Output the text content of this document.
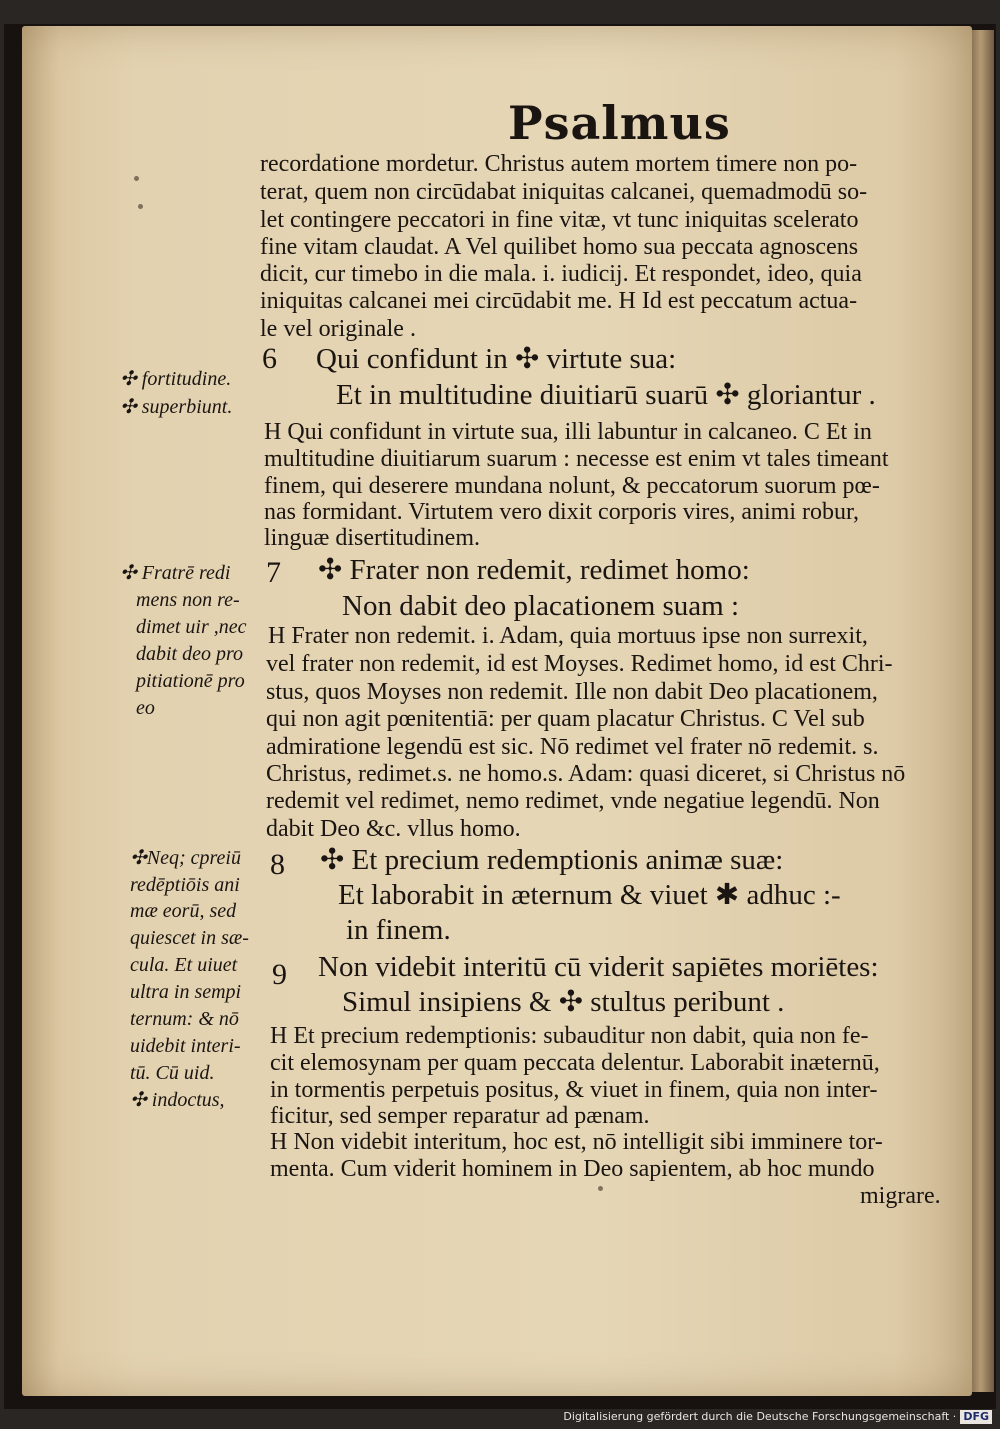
Psalmus
recordatione mordetur. Christus autem mortem timere non po-
terat, quem non circūdabat iniquitas calcanei, quemadmodū so-
let contingere peccatori in fine vitæ, vt tunc iniquitas scelerato
fine vitam claudat. A Vel quilibet homo sua peccata agnoscens
dicit, cur timebo in die mala. i. iudicij. Et respondet, ideo, quia
iniquitas calcanei mei circūdabit me. H Id est peccatum actua-
le vel originale .
6 Qui confidunt in ✣ virtute sua:
Et in multitudine diuitiarū suarū ✣ gloriantur .
✣ fortitudine.
✣ superbiunt.
H Qui confidunt in virtute sua, illi labuntur in calcaneo. C Et in
multitudine diuitiarum suarum : necesse est enim vt tales timeant
finem, qui deserere mundana nolunt, & peccatorum suorum pœ-
nas formidant. Virtutem vero dixit corporis vires, animi robur,
linguæ disertitudinem.
7 ✣ Frater non redemit, redimet homo:
Non dabit deo placationem suam :
✣ Fratrē redi
mens non re-
dimet uir ,nec
dabit deo pro
pitiationē pro
eo
H Frater non redemit. i. Adam, quia mortuus ipse non surrexit,
vel frater non redemit, id est Moyses. Redimet homo, id est Chri-
stus, quos Moyses non redemit. Ille non dabit Deo placationem,
qui non agit pœnitentiā: per quam placatur Christus. C Vel sub
admiratione legendū est sic. Nō redimet vel frater nō redemit. s.
Christus, redimet.s. ne homo.s. Adam: quasi diceret, si Christus nō
redemit vel redimet, nemo redimet, vnde negatiue legendū. Non
dabit Deo &c. vllus homo.
8 ✣ Et precium redemptionis animæ suæ:
Et laborabit in æternum & viuet ✱ adhuc :-
in finem.
9 Non videbit interitū cū viderit sapiētes moriētes:
Simul insipiens & ✣ stultus peribunt .
✣Neq; cpreiū
redēptiōis ani
mæ eorū, sed
quiescet in sæ-
cula. Et uiuet
ultra in sempi
ternum: & nō
uidebit interi-
tū. Cū uid.
✣ indoctus,
H Et precium redemptionis: subauditur non dabit, quia non fe-
cit elemosynam per quam peccata delentur. Laborabit inæternū,
in tormentis perpetuis positus, & viuet in finem, quia non inter-
ficitur, sed semper reparatur ad pænam.
H Non videbit interitum, hoc est, nō intelligit sibi imminere tor-
menta. Cum viderit hominem in Deo sapientem, ab hoc mundo
migrare.
Digitalisierung gefördert durch die Deutsche Forschungsgemeinschaft · DFG
